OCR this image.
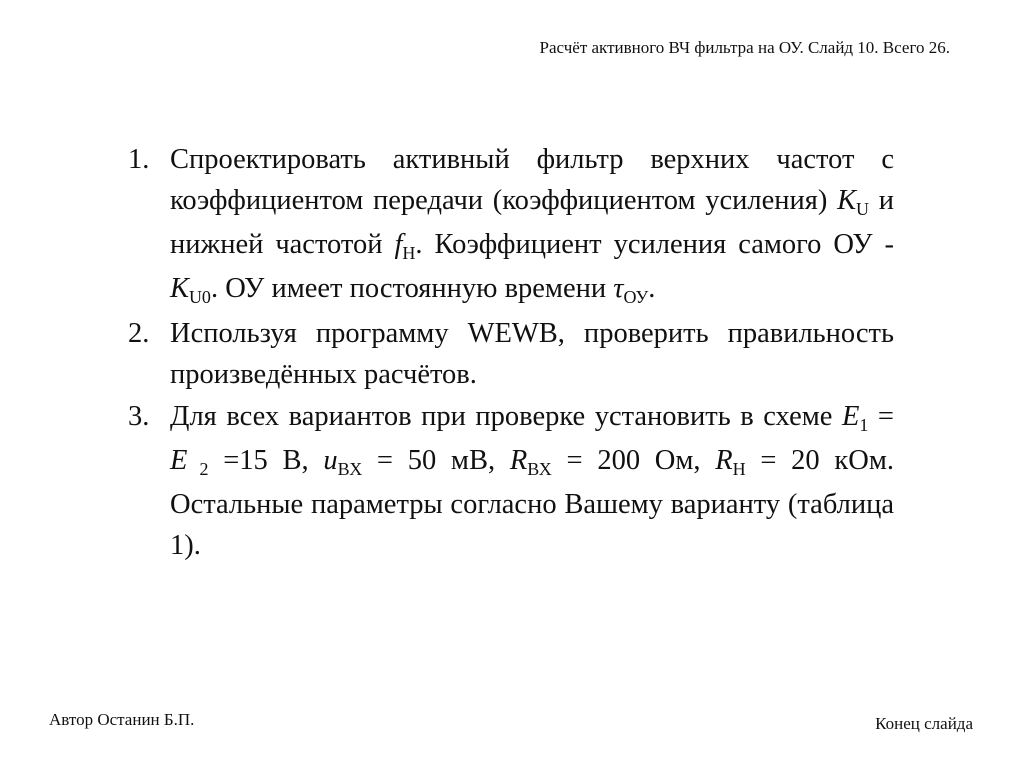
Расчёт активного ВЧ фильтра на ОУ. Слайд 10. Всего 26.

1. Спроектировать активный фильтр верхних частот с коэффициентом передачи (коэффициентом усиления) $К_U$ и нижней частотой $f_Н$. Коэффициент усиления самого ОУ - $К_{U0}$. ОУ имеет постоянную времени $\tau_{ОУ}$.

2. Используя программу WEWB, проверить правильность произведённых расчётов.

3. Для всех вариантов при проверке установить в схеме $Е_1 = Е$ $_2$ =15 В, $u_{ВХ} = 50$ мВ, $R_{ВХ} = 200$ Ом, $R_Н = 20$ кОм. Остальные параметры согласно Вашему варианту (таблица 1).

Автор Останин Б.П.	Конец слайда
